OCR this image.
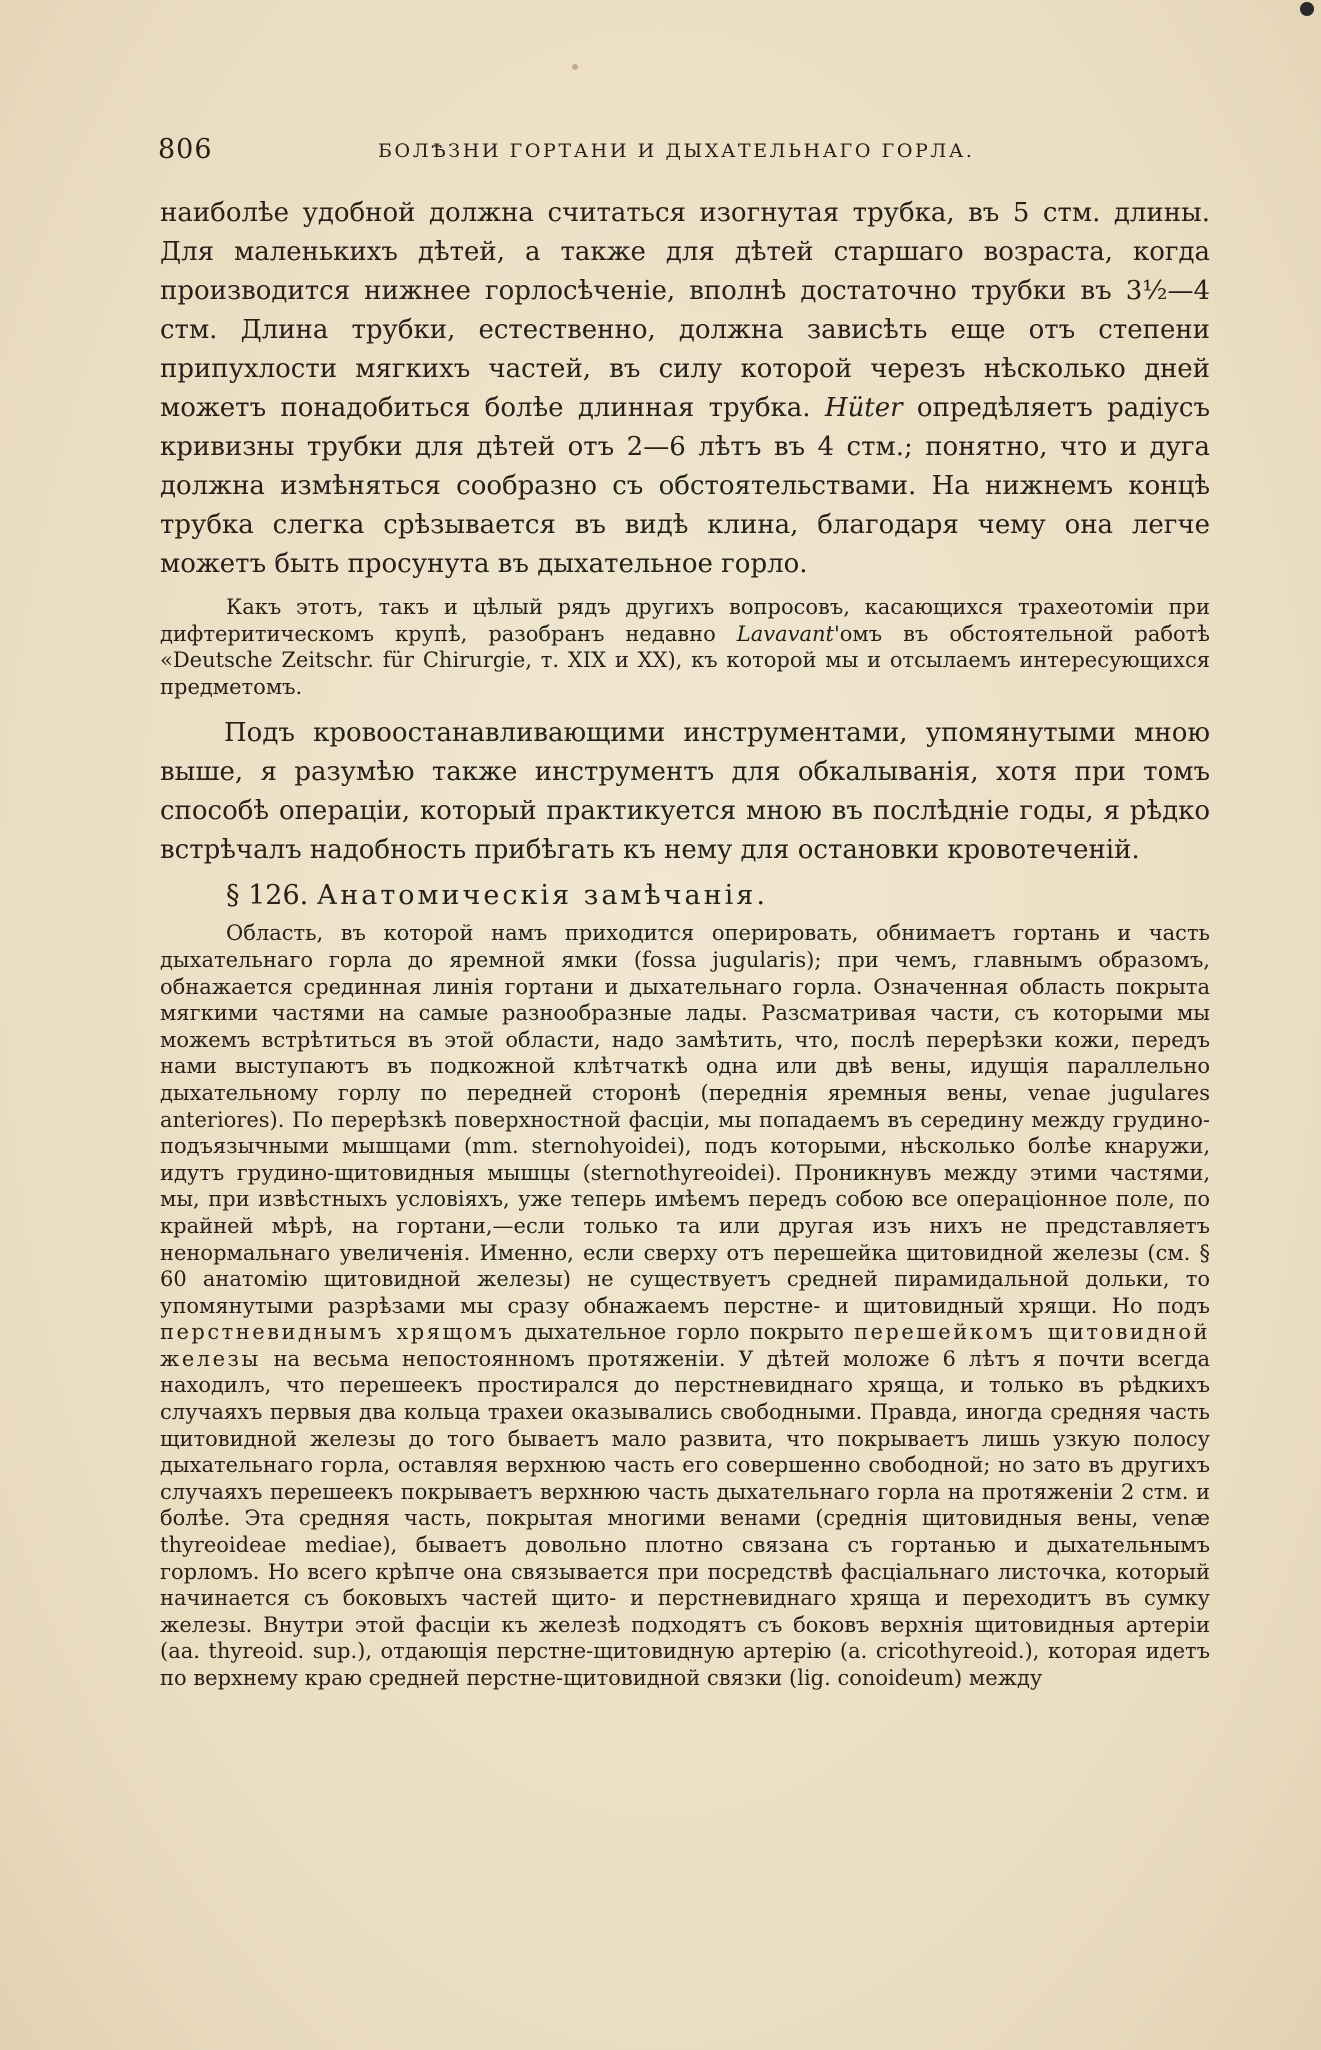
806	БОЛѢЗНИ ГОРТАНИ И ДЫХАТЕЛЬНАГО ГОРЛА.

наиболѣе удобной должна считаться изогнутая трубка, въ 5 стм. длины. Для маленькихъ дѣтей, а также для дѣтей старшаго возраста, когда производится нижнее горлосѣченіе, вполнѣ достаточно трубки въ 3½—4 стм. Длина трубки, естественно, должна зависѣть еще отъ степени припухлости мягкихъ частей, въ силу которой черезъ нѣсколько дней можетъ понадобиться болѣе длинная трубка. Hüter опредѣляетъ радіусъ кривизны трубки для дѣтей отъ 2—6 лѣтъ въ 4 стм.; понятно, что и дуга должна измѣняться сообразно съ обстоятельствами. На нижнемъ концѣ трубка слегка срѣзывается въ видѣ клина, благодаря чему она легче можетъ быть просунута въ дыхательное горло.

Какъ этотъ, такъ и цѣлый рядъ другихъ вопросовъ, касающихся трахеотоміи при дифтеритическомъ крупѣ, разобранъ недавно Lavavant'омъ въ обстоятельной работѣ «Deutsche Zeitschr. für Chirurgie, т. XIX и XX), къ которой мы и отсылаемъ интересующихся предметомъ.

Подъ кровоостанавливающими инструментами, упомянутыми мною выше, я разумѣю также инструментъ для обкалыванія, хотя при томъ способѣ операціи, который практикуется мною въ послѣдніе годы, я рѣдко встрѣчалъ надобность прибѣгать къ нему для остановки кровотеченій.

§ 126. Анатомическія замѣчанія.

Область, въ которой намъ приходится оперировать, обнимаетъ гортань и часть дыхательнаго горла до яремной ямки (fossa jugularis); при чемъ, главнымъ образомъ, обнажается срединная линія гортани и дыхательнаго горла. Означенная область покрыта мягкими частями на самые разнообразные лады. Разсматривая части, съ которыми мы можемъ встрѣтиться въ этой области, надо замѣтить, что, послѣ перерѣзки кожи, передъ нами выступаютъ въ подкожной клѣтчаткѣ одна или двѣ вены, идущія параллельно дыхательному горлу по передней сторонѣ (переднія яремныя вены, venae jugulares anteriores). По перерѣзкѣ поверхностной фасціи, мы попадаемъ въ середину между грудино-подъязычными мышцами (mm. sternohyoidei), подъ которыми, нѣсколько болѣе кнаружи, идутъ грудино-щитовидныя мышцы (sternothyreoidei). Проникнувъ между этими частями, мы, при извѣстныхъ условіяхъ, уже теперь имѣемъ передъ собою все операціонное поле, по крайней мѣрѣ, на гортани,—если только та или другая изъ нихъ не представляетъ ненормальнаго увеличенія. Именно, если сверху отъ перешейка щитовидной железы (см. § 60 анатомію щитовидной железы) не существуетъ средней пирамидальной дольки, то упомянутыми разрѣзами мы сразу обнажаемъ перстне- и щитовидный хрящи. Но подъ перстневиднымъ хрящомъ дыхательное горло покрыто перешейкомъ щитовидной железы на весьма непостоянномъ протяженіи. У дѣтей моложе 6 лѣтъ я почти всегда находилъ, что перешеекъ простирался до перстневиднаго хряща, и только въ рѣдкихъ случаяхъ первыя два кольца трахеи оказывались свободными. Правда, иногда средняя часть щитовидной железы до того бываетъ мало развита, что покрываетъ лишь узкую полосу дыхательнаго горла, оставляя верхнюю часть его совершенно свободной; но зато въ другихъ случаяхъ перешеекъ покрываетъ верхнюю часть дыхательнаго горла на протяженіи 2 стм. и болѣе. Эта средняя часть, покрытая многими венами (среднія щитовидныя вены, venæ thyreoideae mediae), бываетъ довольно плотно связана съ гортанью и дыхательнымъ горломъ. Но всего крѣпче она связывается при посредствѣ фасціальнаго листочка, который начинается съ боковыхъ частей щито- и перстневиднаго хряща и переходитъ въ сумку железы. Внутри этой фасціи къ железѣ подходятъ съ боковъ верхнія щитовидныя артеріи (aa. thyreoid. sup.), отдающія перстне-щитовидную артерію (a. cricothyreoid.), которая идетъ по верхнему краю средней перстне-щитовидной связки (lig. conoideum) между
